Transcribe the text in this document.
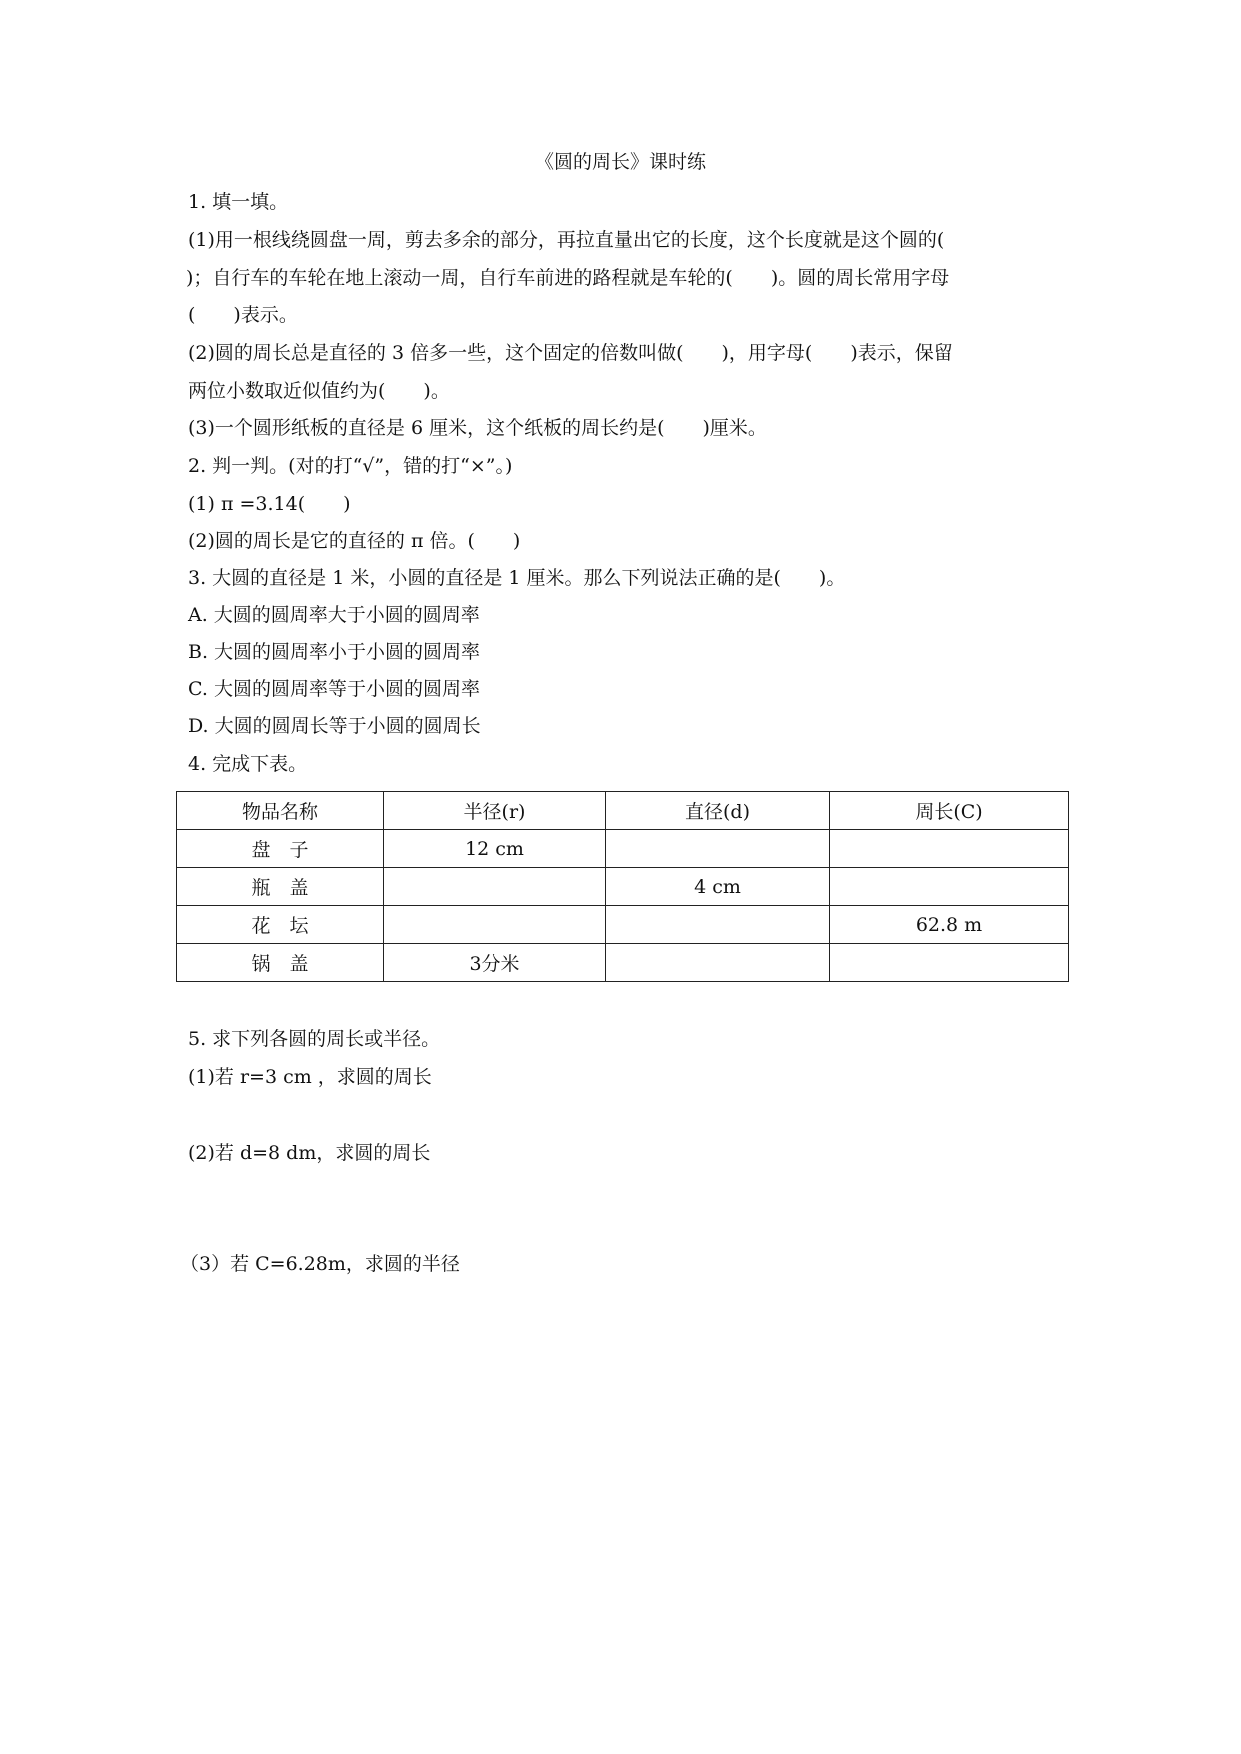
《圆的周长》课时练
1. 填一填。
(1)用一根线绕圆盘一周，剪去多余的部分，再拉直量出它的长度，这个长度就是这个圆的(
)；自行车的车轮在地上滚动一周，自行车前进的路程就是车轮的(　　)。圆的周长常用字母
(　　)表示。
(2)圆的周长总是直径的 3 倍多一些，这个固定的倍数叫做(　　)，用字母(　　)表示，保留
两位小数取近似值约为(　　)。
(3)一个圆形纸板的直径是 6 厘米，这个纸板的周长约是(　　)厘米。
2. 判一判。(对的打“√”，错的打“×”。)
(1) π =3.14(　　)
(2)圆的周长是它的直径的 π 倍。(　　)
3. 大圆的直径是 1 米，小圆的直径是 1 厘米。那么下列说法正确的是(　　)。
A. 大圆的圆周率大于小圆的圆周率
B. 大圆的圆周率小于小圆的圆周率
C. 大圆的圆周率等于小圆的圆周率
D. 大圆的圆周长等于小圆的圆周长
4. 完成下表。
物品名称	半径(r)	直径(d)	周长(C)
盘　子	12 cm		
瓶　盖		4 cm	
花　坛			62.8 m
锅　盖	3分米		
5. 求下列各圆的周长或半径。
(1)若 r=3 cm ，求圆的周长
(2)若 d=8 dm，求圆的周长
（3）若 C=6.28m，求圆的半径
